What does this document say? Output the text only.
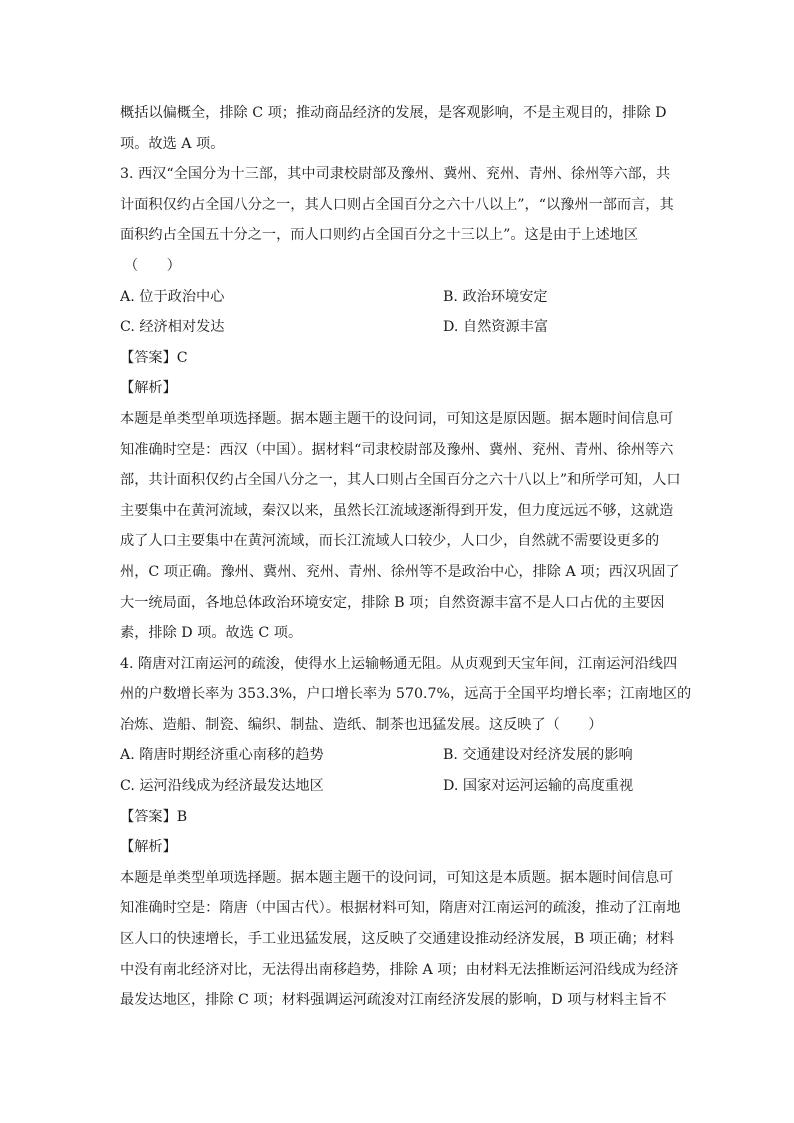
概括以偏概全，排除 C 项；推动商品经济的发展，是客观影响，不是主观目的，排除 D
项。故选 A 项。
3. 西汉“全国分为十三部，其中司隶校尉部及豫州、冀州、兖州、青州、徐州等六部，共
计面积仅约占全国八分之一，其人口则占全国百分之六十八以上”，“以豫州一部而言，其
面积约占全国五十分之一，而人口则约占全国百分之十三以上”。这是由于上述地区
（　　）
A. 位于政治中心	B. 政治环境安定
C. 经济相对发达	D. 自然资源丰富
【答案】C
【解析】
本题是单类型单项选择题。据本题主题干的设问词，可知这是原因题。据本题时间信息可
知准确时空是：西汉（中国）。据材料“司隶校尉部及豫州、冀州、兖州、青州、徐州等六
部，共计面积仅约占全国八分之一，其人口则占全国百分之六十八以上”和所学可知，人口
主要集中在黄河流域，秦汉以来，虽然长江流域逐渐得到开发，但力度远远不够，这就造
成了人口主要集中在黄河流域，而长江流域人口较少，人口少，自然就不需要设更多的
州，C 项正确。豫州、冀州、兖州、青州、徐州等不是政治中心，排除 A 项；西汉巩固了
大一统局面，各地总体政治环境安定，排除 B 项；自然资源丰富不是人口占优的主要因
素，排除 D 项。故选 C 项。
4. 隋唐对江南运河的疏浚，使得水上运输畅通无阻。从贞观到天宝年间，江南运河沿线四
州的户数增长率为 353.3%，户口增长率为 570.7%，远高于全国平均增长率；江南地区的
冶炼、造船、制瓷、编织、制盐、造纸、制茶也迅猛发展。这反映了（　　）
A. 隋唐时期经济重心南移的趋势	B. 交通建设对经济发展的影响
C. 运河沿线成为经济最发达地区	D. 国家对运河运输的高度重视
【答案】B
【解析】
本题是单类型单项选择题。据本题主题干的设问词，可知这是本质题。据本题时间信息可
知准确时空是：隋唐（中国古代）。根据材料可知，隋唐对江南运河的疏浚，推动了江南地
区人口的快速增长，手工业迅猛发展，这反映了交通建设推动经济发展，B 项正确；材料
中没有南北经济对比，无法得出南移趋势，排除 A 项；由材料无法推断运河沿线成为经济
最发达地区，排除 C 项；材料强调运河疏浚对江南经济发展的影响，D 项与材料主旨不
